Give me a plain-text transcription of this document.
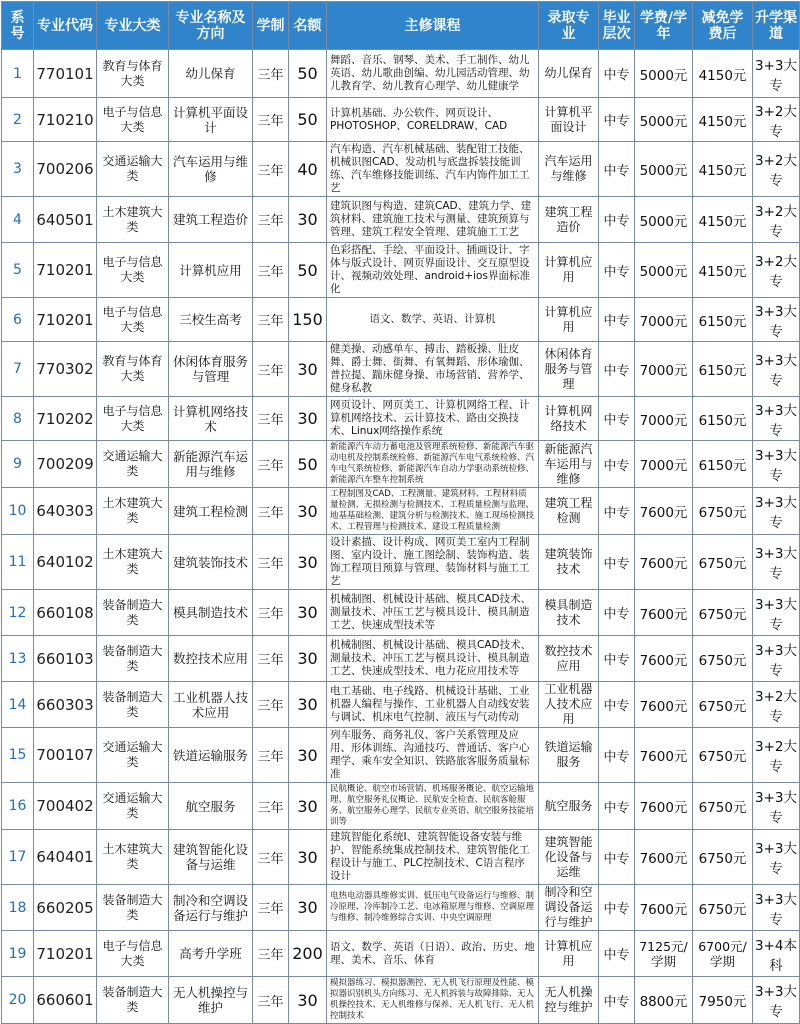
系号	专业代码	专业大类	专业名称及方向	学制	名额	主修课程	录取专业	毕业层次	学费/学年	减免学费后	升学渠道
1	770101	教育与体育大类	幼儿保育	三年	50	舞蹈、音乐、钢琴、美术、手工制作、幼儿英语、幼儿歌曲创编、幼儿园活动管理、幼儿教育学、幼儿教育心理学、幼儿健康学	幼儿保育	中专	5000元	4150元	3+3大专
2	710210	电子与信息大类	计算机平面设计	三年	50	计算机基础、办公软件、网页设计、PHOTOSHOP、CORELDRAW、CAD	计算机平面设计	中专	5000元	4150元	3+2大专
3	700206	交通运输大类	汽车运用与维修	三年	40	汽车构造、汽车机械基础、装配钳工技能、机械识图CAD、发动机与底盘拆装技能训练、汽车维修技能训练、汽车内饰件加工工艺	汽车运用与维修	中专	5000元	4150元	3+2大专
4	640501	土木建筑大类	建筑工程造价	三年	30	建筑识图与构造、建筑CAD、建筑力学、建筑材料、建筑施工技术与测量、建筑预算与管理、建筑工程安全管理、建筑施工工艺	建筑工程造价	中专	5000元	4150元	3+2大专
5	710201	电子与信息大类	计算机应用	三年	50	色彩搭配、手绘、平面设计、插画设计、字体与版式设计、网页界面设计、交互原型设计、视频动效处理、android+ios界面标准化	计算机应用	中专	5000元	4150元	3+2大专
6	710201	电子与信息大类	三校生高考	三年	150	语文、数学、英语、计算机	计算机应用	中专	7000元	6150元	3+3大专
7	770302	教育与体育大类	休闲体育服务与管理	三年	30	健美操、动感单车、搏击、踏板操、肚皮舞、爵士舞、街舞、有氧舞蹈、形体瑜伽、普拉提、踹床健身操、市场营销、营养学、健身私教	休闲体育服务与管理	中专	7000元	6150元	3+3大专
8	710202	电子与信息大类	计算机网络技术	三年	30	网页设计、网页美工、计算机网络工程、计算机网络技术、云计算技术、路由交换技术、Linux网络操作系统	计算机网络技术	中专	7000元	6150元	3+3大专
9	700209	交通运输大类	新能源汽车运用与维修	三年	50	新能源汽车动力蓄电池及管理系统检修、新能源汽车驱动电机及控制系统检修、新能源汽车电气系统检修、汽车电气系统检修、新能源汽车自动力学驱动系统检修、新能源汽车整车控制系统	新能源汽车运用与维修	中专	7000元	6150元	3+3大专
10	640303	土木建筑大类	建筑工程检测	三年	30	工程制图及CAD、工程测量、建筑材料、工程材料质量检测、无损检测与检测技术、工程质量检测与监理、地基基础检测、建筑分析与检测技术、施工现场检测技术、工程管理与检测技术、建设工程质量检测	建筑工程检测	中专	7600元	6750元	3+3大专
11	640102	土木建筑大类	建筑装饰技术	三年	30	设计素描、设计构成、网页美工室内工程制图、室内设计、施工图绘制、装饰构造、装饰工程项目预算与管理、装饰材料与施工工艺	建筑装饰技术	中专	7600元	6750元	3+3大专
12	660108	装备制造大类	模具制造技术	三年	30	机械制图、机械设计基础、模具CAD技术、測量技术、冲压工艺与模具设计、模具制造工艺、快速成型技术等	模具制造技术	中专	7600元	6750元	3+3大专
13	660103	装备制造大类	数控技术应用	三年	30	机械制图、机械设计基础、模具CAD技术、測量技术、冲压工艺与模具设计、模具制造工艺、快速成型技术、电力花应用技术等	数控技术应用	中专	7600元	6750元	3+3大专
14	660303	装备制造大类	工业机器人技术应用	三年	30	电工基础、电子线路、机械设计基础、工业机器人编程与操作、工业机器人自动线安装与调试、机床电气控制、液压与气动传动	工业机器人技术应用	中专	7600元	6750元	3+2大专
15	700107	交通运输大类	铁道运输服务	三年	30	列车服务、商务礼仪、客户关系管理及应用、形体训练、沟通技巧、普通话、客户心理学、乘车安全知识、铁路旅客服务质量标准	铁道运输服务	中专	7600元	6750元	3+2大专
16	700402	交通运输大类	航空服务	三年	30	民航概论、航空市场营销、机场服务概论、航空运输地理、航空服务礼仪概论、民航安全检查、民航客舱服务、航空服务心理学、民航专业英语、航空服务技能培训等	航空服务	中专	7600元	6750元	3+3大专
17	640401	土木建筑大类	建筑智能化设备与运维	三年	30	建筑智能化系统I、建筑智能设备安装与维护、智能系统集成控制技术、建筑智能化工程设计与施工、PLC控制技术、C语言程序设计	建筑智能化设备与运维	中专	7600元	6750元	3+3大专
18	660205	装备制造大类	制冷和空调设备运行与维护	三年	30	电热电动器具维修实训、低压电气设备运行与维修、制冷原理、冷库制冷工艺、电冰箱原理与维修、空调原理与维修、制冷维修综合实训、中央空调原理	制冷和空调设备运行与维护	中专	7600元	6750元	3+3大专
19	710201	电子与信息大类	高考升学班	三年	200	语文、数学、英语（日语）、政治、历史、地理、美术、音乐、体育	计算机应用	中专	7125元/学期	6700元/学期	3+4本科
20	660601	装备制造大类	无人机操控与维护	三年	30	模拟器练习、模拟器测控、无人机飞行原理及性能、模拟器识别机头方向练习、无人机拆装与故障排除、无人机操控技术、无人机维修与保养、无人机飞行、无人机控制技术	无人机操控与维护	中专	8800元	7950元	3+3大专
